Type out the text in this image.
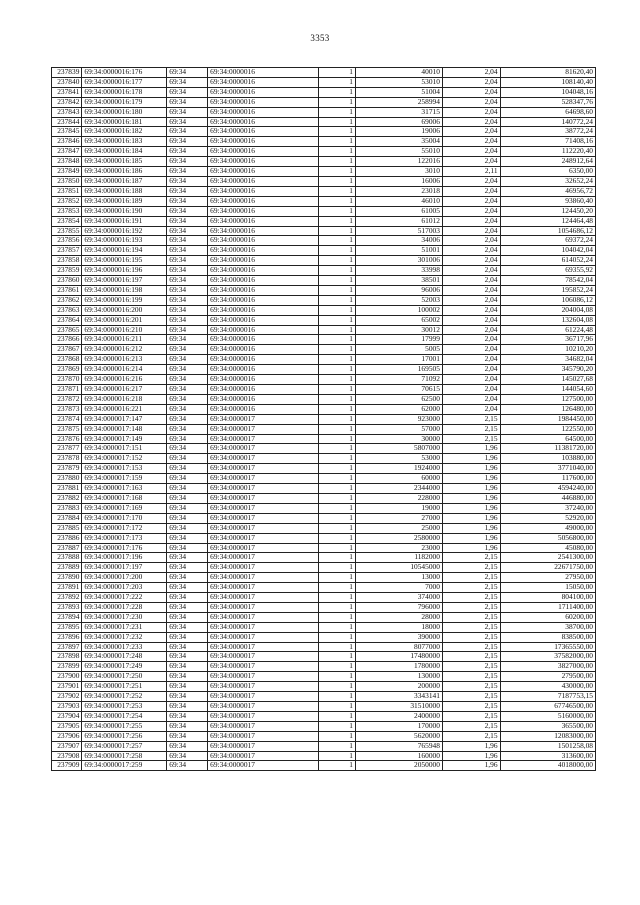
3353
237839	69:34:0000016:176	69:34	69:34:0000016	1	40010	2,04	81620,40
237840	69:34:0000016:177	69:34	69:34:0000016	1	53010	2,04	108140,40
237841	69:34:0000016:178	69:34	69:34:0000016	1	51004	2,04	104048,16
237842	69:34:0000016:179	69:34	69:34:0000016	1	258994	2,04	528347,76
237843	69:34:0000016:180	69:34	69:34:0000016	1	31715	2,04	64698,60
237844	69:34:0000016:181	69:34	69:34:0000016	1	69006	2,04	140772,24
237845	69:34:0000016:182	69:34	69:34:0000016	1	19006	2,04	38772,24
237846	69:34:0000016:183	69:34	69:34:0000016	1	35004	2,04	71408,16
237847	69:34:0000016:184	69:34	69:34:0000016	1	55010	2,04	112220,40
237848	69:34:0000016:185	69:34	69:34:0000016	1	122016	2,04	248912,64
237849	69:34:0000016:186	69:34	69:34:0000016	1	3010	2,11	6350,00
237850	69:34:0000016:187	69:34	69:34:0000016	1	16006	2,04	32652,24
237851	69:34:0000016:188	69:34	69:34:0000016	1	23018	2,04	46956,72
237852	69:34:0000016:189	69:34	69:34:0000016	1	46010	2,04	93860,40
237853	69:34:0000016:190	69:34	69:34:0000016	1	61005	2,04	124450,20
237854	69:34:0000016:191	69:34	69:34:0000016	1	61012	2,04	124464,48
237855	69:34:0000016:192	69:34	69:34:0000016	1	517003	2,04	1054686,12
237856	69:34:0000016:193	69:34	69:34:0000016	1	34006	2,04	69372,24
237857	69:34:0000016:194	69:34	69:34:0000016	1	51001	2,04	104042,04
237858	69:34:0000016:195	69:34	69:34:0000016	1	301006	2,04	614052,24
237859	69:34:0000016:196	69:34	69:34:0000016	1	33998	2,04	69355,92
237860	69:34:0000016:197	69:34	69:34:0000016	1	38501	2,04	78542,04
237861	69:34:0000016:198	69:34	69:34:0000016	1	96006	2,04	195852,24
237862	69:34:0000016:199	69:34	69:34:0000016	1	52003	2,04	106086,12
237863	69:34:0000016:200	69:34	69:34:0000016	1	100002	2,04	204004,08
237864	69:34:0000016:201	69:34	69:34:0000016	1	65002	2,04	132604,08
237865	69:34:0000016:210	69:34	69:34:0000016	1	30012	2,04	61224,48
237866	69:34:0000016:211	69:34	69:34:0000016	1	17999	2,04	36717,96
237867	69:34:0000016:212	69:34	69:34:0000016	1	5005	2,04	10210,20
237868	69:34:0000016:213	69:34	69:34:0000016	1	17001	2,04	34682,04
237869	69:34:0000016:214	69:34	69:34:0000016	1	169505	2,04	345790,20
237870	69:34:0000016:216	69:34	69:34:0000016	1	71092	2,04	145027,68
237871	69:34:0000016:217	69:34	69:34:0000016	1	70615	2,04	144054,60
237872	69:34:0000016:218	69:34	69:34:0000016	1	62500	2,04	127500,00
237873	69:34:0000016:221	69:34	69:34:0000016	1	62000	2,04	126480,00
237874	69:34:0000017:147	69:34	69:34:0000017	1	923000	2,15	1984450,00
237875	69:34:0000017:148	69:34	69:34:0000017	1	57000	2,15	122550,00
237876	69:34:0000017:149	69:34	69:34:0000017	1	30000	2,15	64500,00
237877	69:34:0000017:151	69:34	69:34:0000017	1	5807000	1,96	11381720,00
237878	69:34:0000017:152	69:34	69:34:0000017	1	53000	1,96	103880,00
237879	69:34:0000017:153	69:34	69:34:0000017	1	1924000	1,96	3771040,00
237880	69:34:0000017:159	69:34	69:34:0000017	1	60000	1,96	117600,00
237881	69:34:0000017:163	69:34	69:34:0000017	1	2344000	1,96	4594240,00
237882	69:34:0000017:168	69:34	69:34:0000017	1	228000	1,96	446880,00
237883	69:34:0000017:169	69:34	69:34:0000017	1	19000	1,96	37240,00
237884	69:34:0000017:170	69:34	69:34:0000017	1	27000	1,96	52920,00
237885	69:34:0000017:172	69:34	69:34:0000017	1	25000	1,96	49000,00
237886	69:34:0000017:173	69:34	69:34:0000017	1	2580000	1,96	5056800,00
237887	69:34:0000017:176	69:34	69:34:0000017	1	23000	1,96	45080,00
237888	69:34:0000017:196	69:34	69:34:0000017	1	1182000	2,15	2541300,00
237889	69:34:0000017:197	69:34	69:34:0000017	1	10545000	2,15	22671750,00
237890	69:34:0000017:200	69:34	69:34:0000017	1	13000	2,15	27950,00
237891	69:34:0000017:203	69:34	69:34:0000017	1	7000	2,15	15050,00
237892	69:34:0000017:222	69:34	69:34:0000017	1	374000	2,15	804100,00
237893	69:34:0000017:228	69:34	69:34:0000017	1	796000	2,15	1711400,00
237894	69:34:0000017:230	69:34	69:34:0000017	1	28000	2,15	60200,00
237895	69:34:0000017:231	69:34	69:34:0000017	1	18000	2,15	38700,00
237896	69:34:0000017:232	69:34	69:34:0000017	1	390000	2,15	838500,00
237897	69:34:0000017:233	69:34	69:34:0000017	1	8077000	2,15	17365550,00
237898	69:34:0000017:248	69:34	69:34:0000017	1	17480000	2,15	37582000,00
237899	69:34:0000017:249	69:34	69:34:0000017	1	1780000	2,15	3827000,00
237900	69:34:0000017:250	69:34	69:34:0000017	1	130000	2,15	279500,00
237901	69:34:0000017:251	69:34	69:34:0000017	1	200000	2,15	430000,00
237902	69:34:0000017:252	69:34	69:34:0000017	1	3343141	2,15	7187753,15
237903	69:34:0000017:253	69:34	69:34:0000017	1	31510000	2,15	67746500,00
237904	69:34:0000017:254	69:34	69:34:0000017	1	2400000	2,15	5160000,00
237905	69:34:0000017:255	69:34	69:34:0000017	1	170000	2,15	365500,00
237906	69:34:0000017:256	69:34	69:34:0000017	1	5620000	2,15	12083000,00
237907	69:34:0000017:257	69:34	69:34:0000017	1	765948	1,96	1501258,08
237908	69:34:0000017:258	69:34	69:34:0000017	1	160000	1,96	313600,00
237909	69:34:0000017:259	69:34	69:34:0000017	1	2050000	1,96	4018000,00
